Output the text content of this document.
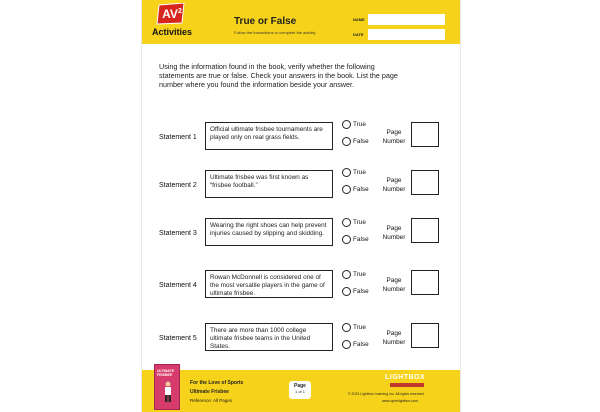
AV 2
Activities
True or False
Follow the instructions to complete the activity.
NAME
DATE
Using the information found in the book, verify whether the following statements are true or false. Check your answers in the book. List the page number where you found the information beside your answer.
Statement 1
Official ultimate frisbee tournaments are played only on real grass fields.
True
False
Page Number
Statement 2
Ultimate frisbee was first known as “frisbee football.”
True
False
Page Number
Statement 3
Wearing the right shoes can help prevent injuries caused by slipping and skidding.
True
False
Page Number
Statement 4
Rowan McDonnell is considered one of the most versatile players in the game of ultimate frisbee.
True
False
Page Number
Statement 5
There are more than 1000 college ultimate frisbee teams in the United States.
True
False
Page Number
ULTIMATE FRISBEE
For the Love of Sports
Ultimate Frisbee
Reference: All Pages
Page
1 of 1
LIGHTBOX
© 2023 Lightbox Learning Inc. All rights reserved.
www.openlightbox.com
